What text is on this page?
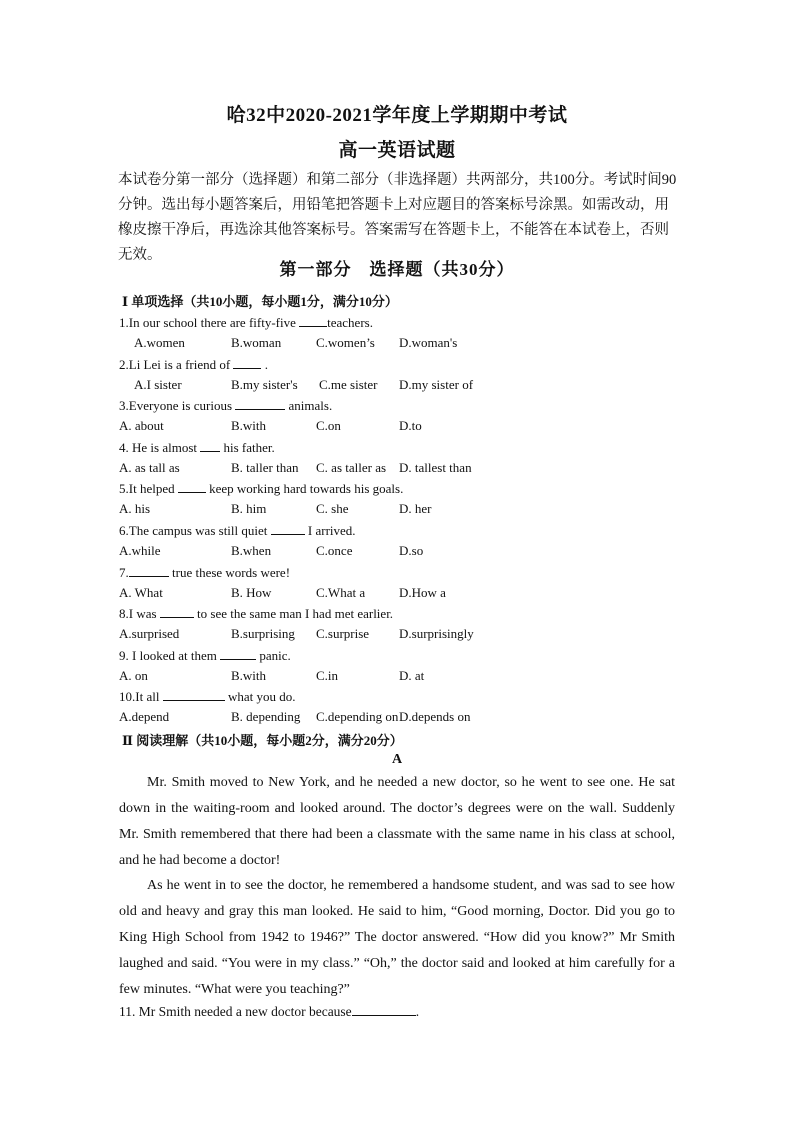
哈32中2020-2021学年度上学期期中考试
高一英语试题

本试卷分第一部分（选择题）和第二部分（非选择题）共两部分，共100分。考试时间90分钟。选出每小题答案后，用铅笔把答题卡上对应题目的答案标号涂黑。如需改动，用橡皮擦干净后，再选涂其他答案标号。答案需写在答题卡上，不能答在本试卷上，否则无效。

第一部分　选择题（共30分）
Ⅰ 单项选择（共10小题，每小题1分，满分10分）
1.In our school there are fifty-five teachers.
A.women	B.woman	C.women’s D.woman's
2.Li Lei is a friend of  .
A.I sister	B.my sister's C.me sister D.my sister of
3.Everyone is curious	animals.
A. about	B.with	C.on	D.to
4. He is almost  his father.
A. as tall as	B. taller than C. as taller as D. tallest than
5.It helped  keep working hard towards his goals.
A. his	B. him	C. she	D. her
6.The campus was still quiet	I arrived.
A.while	B.when	C.once	D.so
7.	true these words were!
A. What	B. How	C.What a	D.How a
8.I was	to see the same man I had met earlier.
A.surprised	B.surprising C.surprise D.surprisingly
9. I looked at them	panic.
A. on	B.with	C.in	D. at
10.It all	what you do.
A.depend	B. depending C.depending on D.depends on
Ⅱ 阅读理解（共10小题，每小题2分，满分20分）
A

Mr. Smith moved to New York, and he needed a new doctor, so he went to see one. He sat down in the waiting-room and looked around. The doctor’s degrees were on the wall. Suddenly Mr. Smith remembered that there had been a classmate with the same name in his class at school, and he had become a doctor!

As he went in to see the doctor, he remembered a handsome student, and was sad to see how old and heavy and gray this man looked. He said to him, “Good morning, Doctor. Did you go to King High School from 1942 to 1946?” The doctor answered. “How did you know?” Mr Smith laughed and said. “You were in my class.” “Oh,” the doctor said and looked at him carefully for a few minutes. “What were you teaching?”

11. Mr Smith needed a new doctor because	.
